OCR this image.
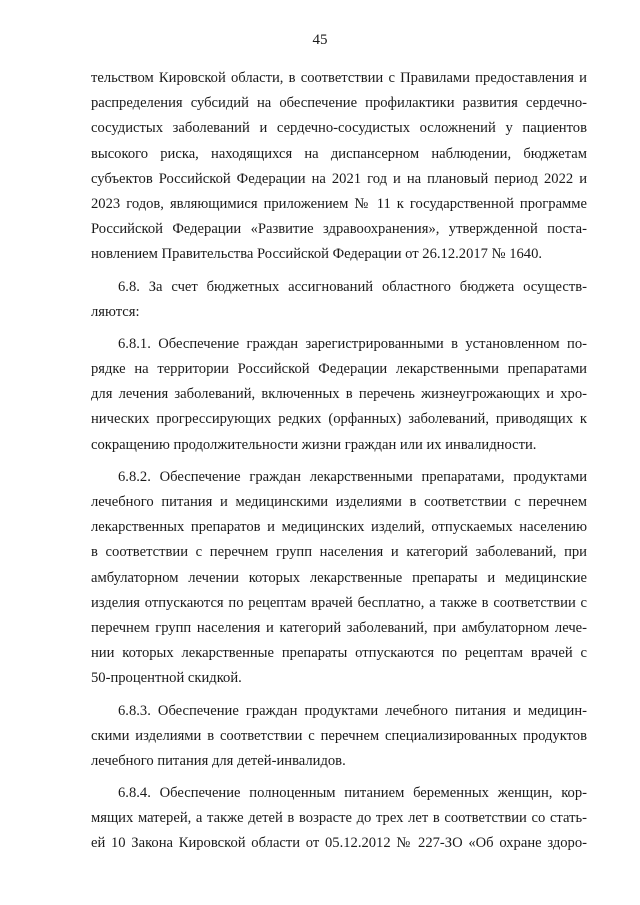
45
тельством Кировской области, в соответствии с Правилами предоставления и
распределения субсидий на обеспечение профилактики развития сердечно-
сосудистых заболеваний и сердечно-сосудистых осложнений у пациентов
высокого риска, находящихся на диспансерном наблюдении, бюджетам
субъектов Российской Федерации на 2021 год и на плановый период 2022 и
2023 годов, являющимися приложением № 11 к государственной программе
Российской Федерации «Развитие здравоохранения», утвержденной поста-
новлением Правительства Российской Федерации от 26.12.2017 № 1640.
6.8. За счет бюджетных ассигнований областного бюджета осуществ-
ляются:
6.8.1. Обеспечение граждан зарегистрированными в установленном по-
рядке на территории Российской Федерации лекарственными препаратами
для лечения заболеваний, включенных в перечень жизнеугрожающих и хро-
нических прогрессирующих редких (орфанных) заболеваний, приводящих к
сокращению продолжительности жизни граждан или их инвалидности.
6.8.2. Обеспечение граждан лекарственными препаратами, продуктами
лечебного питания и медицинскими изделиями в соответствии с перечнем
лекарственных препаратов и медицинских изделий, отпускаемых населению
в соответствии с перечнем групп населения и категорий заболеваний, при
амбулаторном лечении которых лекарственные препараты и медицинские
изделия отпускаются по рецептам врачей бесплатно, а также в соответствии с
перечнем групп населения и категорий заболеваний, при амбулаторном лече-
нии которых лекарственные препараты отпускаются по рецептам врачей с
50-процентной скидкой.
6.8.3. Обеспечение граждан продуктами лечебного питания и медицин-
скими изделиями в соответствии с перечнем специализированных продуктов
лечебного питания для детей-инвалидов.
6.8.4. Обеспечение полноценным питанием беременных женщин, кор-
мящих матерей, а также детей в возрасте до трех лет в соответствии со стать-
ей 10 Закона Кировской области от 05.12.2012 № 227-ЗО «Об охране здоро-
